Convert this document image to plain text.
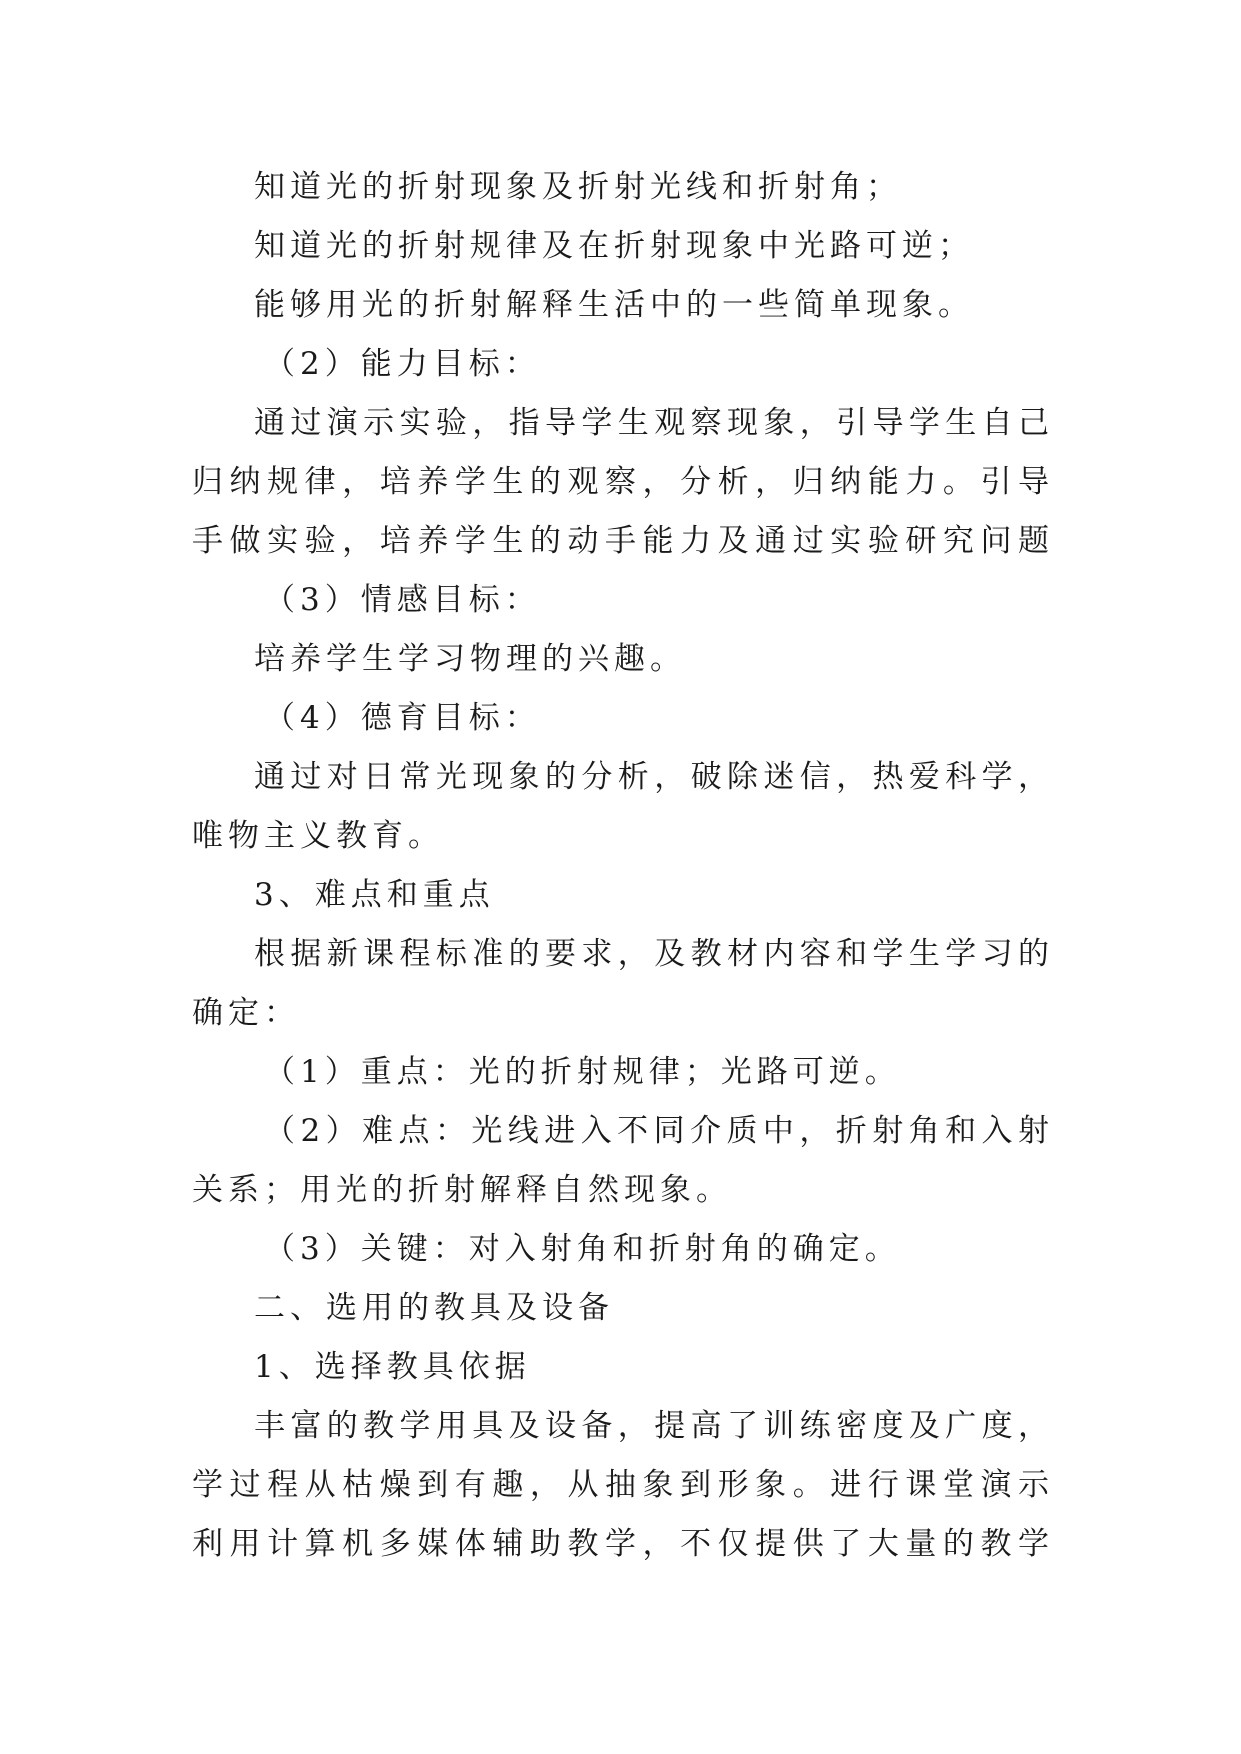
知道光的折射现象及折射光线和折射角；
知道光的折射规律及在折射现象中光路可逆；
能够用光的折射解释生活中的一些简单现象。
（2）能力目标：
通过演示实验，指导学生观察现象，引导学生自己
归纳规律，培养学生的观察，分析，归纳能力。引导
手做实验，培养学生的动手能力及通过实验研究问题
（3）情感目标：
培养学生学习物理的兴趣。
（4）德育目标：
通过对日常光现象的分析，破除迷信，热爱科学，
唯物主义教育。
3、难点和重点
根据新课程标准的要求，及教材内容和学生学习的
确定：
（1）重点：光的折射规律；光路可逆。
（2）难点：光线进入不同介质中，折射角和入射
关系；用光的折射解释自然现象。
（3）关键：对入射角和折射角的确定。
二、选用的教具及设备
1、选择教具依据
丰富的教学用具及设备，提高了训练密度及广度，
学过程从枯燥到有趣，从抽象到形象。进行课堂演示
利用计算机多媒体辅助教学，不仅提供了大量的教学
